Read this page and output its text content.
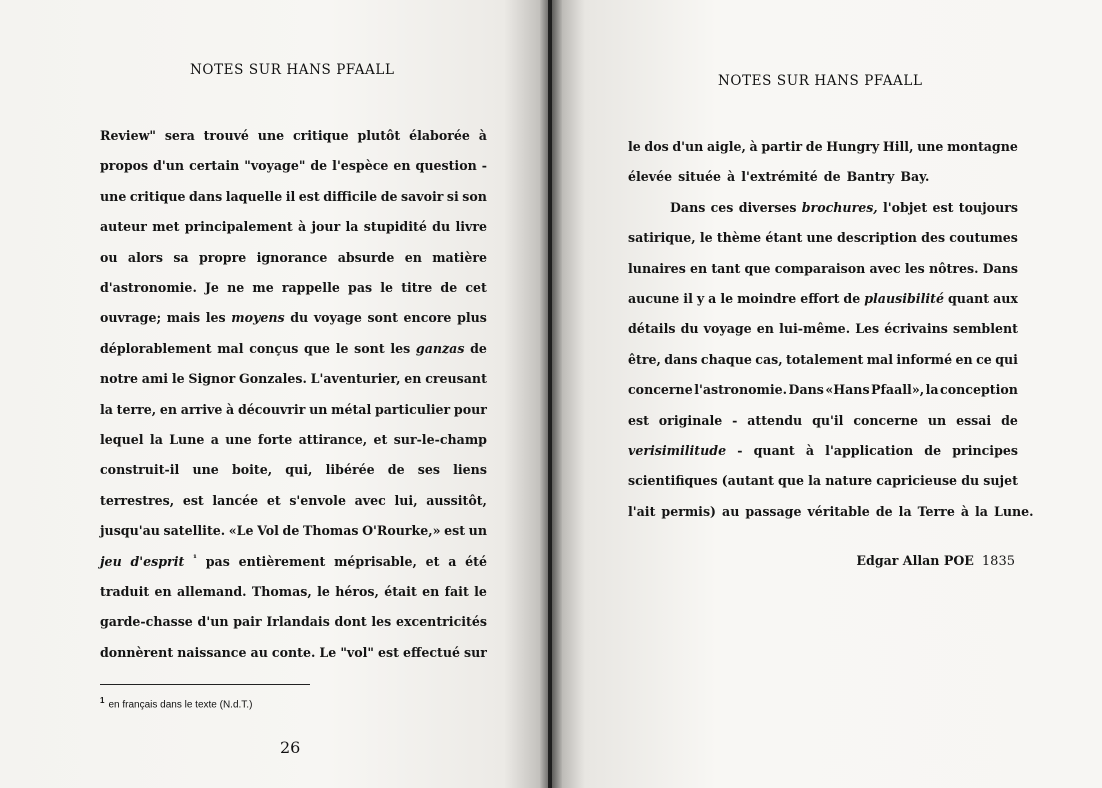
NOTES SUR HANS PFAALL
Review" sera trouvé une critique plutôt élaborée à
propos d'un certain "voyage" de l'espèce en question -
une critique dans laquelle il est difficile de savoir si son
auteur met principalement à jour la stupidité du livre
ou alors sa propre ignorance absurde en matière
d'astronomie. Je ne me rappelle pas le titre de cet
ouvrage; mais les moyens du voyage sont encore plus
déplorablement mal conçus que le sont les ganzas de
notre ami le Signor Gonzales. L'aventurier, en creusant
la terre, en arrive à découvrir un métal particulier pour
lequel la Lune a une forte attirance, et sur-le-champ
construit-il une boite, qui, libérée de ses liens
terrestres, est lancée et s'envole avec lui, aussitôt,
jusqu'au satellite. «Le Vol de Thomas O'Rourke,» est un
jeu d'esprit ¹ pas entièrement méprisable, et a été
traduit en allemand. Thomas, le héros, était en fait le
garde-chasse d'un pair Irlandais dont les excentricités
donnèrent naissance au conte. Le "vol" est effectué sur
$^1$ en français dans le texte (N.d.T.)
26
NOTES SUR HANS PFAALL
le dos d'un aigle, à partir de Hungry Hill, une montagne
élevée située à l'extrémité de Bantry Bay.
Dans ces diverses brochures, l'objet est toujours
satirique, le thème étant une description des coutumes
lunaires en tant que comparaison avec les nôtres. Dans
aucune il y a le moindre effort de plausibilité quant aux
détails du voyage en lui-même. Les écrivains semblent
être, dans chaque cas, totalement mal informé en ce qui
concerne l'astronomie. Dans «Hans Pfaall», la conception
est originale - attendu qu'il concerne un essai de
verisimilitude - quant à l'application de principes
scientifiques (autant que la nature capricieuse du sujet
l'ait permis) au passage véritable de la Terre à la Lune.
Edgar Allan POE 1835
